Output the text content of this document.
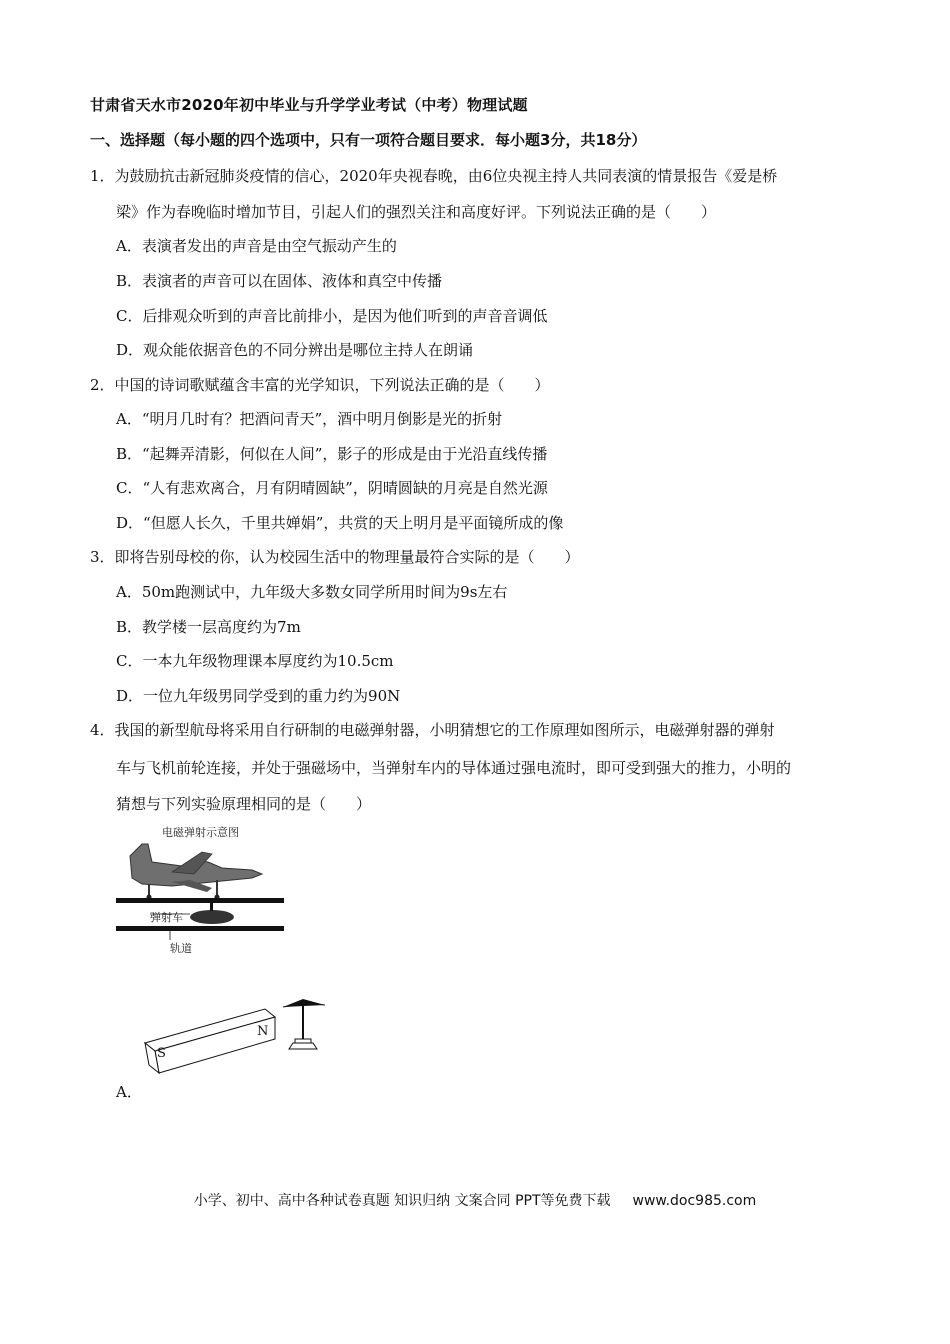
甘肃省天水市2020年初中毕业与升学学业考试（中考）物理试题
一、选择题（每小题的四个选项中，只有一项符合题目要求．每小题3分，共18分）
1．为鼓励抗击新冠肺炎疫情的信心，2020年央视春晚，由6位央视主持人共同表演的情景报告《爱是桥
梁》作为春晚临时增加节目，引起人们的强烈关注和高度好评。下列说法正确的是（　　）
A．表演者发出的声音是由空气振动产生的
B．表演者的声音可以在固体、液体和真空中传播
C．后排观众听到的声音比前排小，是因为他们听到的声音音调低
D．观众能依据音色的不同分辨出是哪位主持人在朗诵
2．中国的诗词歌赋蕴含丰富的光学知识，下列说法正确的是（　　）
A．“明月几时有？把酒问青天”，酒中明月倒影是光的折射
B．“起舞弄清影，何似在人间”，影子的形成是由于光沿直线传播
C．“人有悲欢离合，月有阴晴圆缺”，阴晴圆缺的月亮是自然光源
D．“但愿人长久，千里共婵娟”，共赏的天上明月是平面镜所成的像
3．即将告别母校的你，认为校园生活中的物理量最符合实际的是（　　）
A．50m跑测试中，九年级大多数女同学所用时间为9s左右
B．教学楼一层高度约为7m
C．一本九年级物理课本厚度约为10.5cm
D．一位九年级男同学受到的重力约为90N
4．我国的新型航母将采用自行研制的电磁弹射器，小明猜想它的工作原理如图所示，电磁弹射器的弹射
车与飞机前轮连接，并处于强磁场中，当弹射车内的导体通过强电流时，即可受到强大的推力，小明的
猜想与下列实验原理相同的是（　　）
电磁弹射示意图
弹射车
轨道
S
N
A．
小学、初中、高中各种试卷真题 知识归纳 文案合同 PPT等免费下载 www.doc985.com
